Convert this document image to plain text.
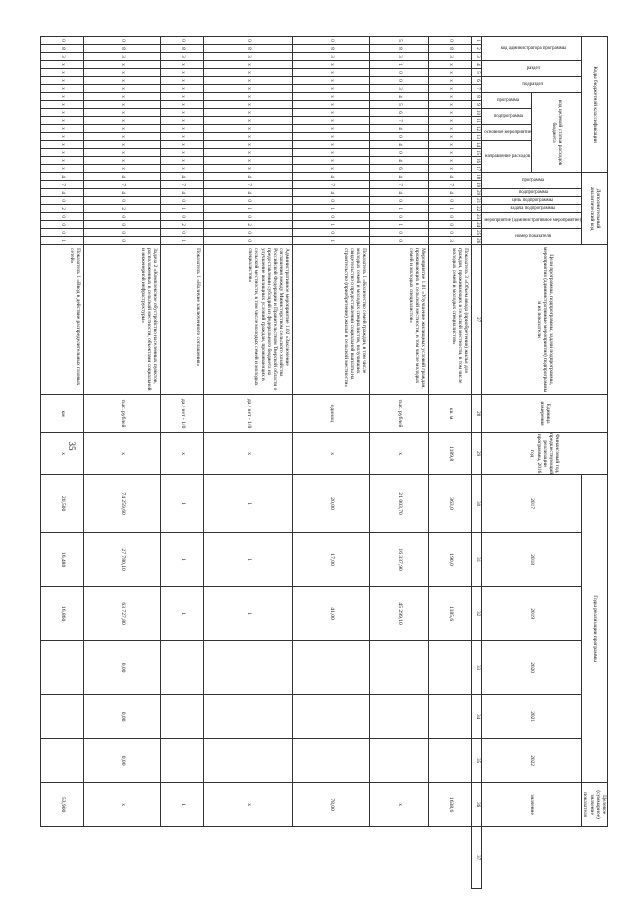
35
Коды бюджетной классификации																	Дополнительный аналитический код									Цели программы, подпрограммы, задачи подпрограммы, мероприятия (административные мероприятия) подпрограммы и их показатели	Единица измерения	Финансовый год, предшествующий реализации программы, 2016 год	Годы реализации программы						Целевое (суммарное) значение показателя	
код администратора программы			раздел		подраздел		код целевой статьи расходов бюджета										программа		подпрограмма	цель подпрограммы	задача подпрограммы	мероприятие (административное мероприятие)		номер показателя					2017	2018	2019	2020	2021	2022	значение	
							программа		подпрограмма		основное мероприятие		направление расходов																							
1	2	3	4	5	6	7	8	9	10	11	12	13	14	15	16	17	18	19	20	21	22	23	24	25	26	27	28	29	30	31	32	33	34	35	36	37
0	8	3	x	x	x	x	x	x	x	x	x	x	x	x	x	x	4	7	4	0	1	0	0	0	3	Показатель 3 «Объем ввода (приобретения) жилья для граждан, проживающих в сельской местности, в том числе молодых семей и молодых специалистов»	кв. м	1189,8	363,0	190,0	1185,6				1638,6	
5	8	3	1	0	0	3	4	5	6	7	4	0	4	0	4	6	4	7	4	0	1	0	1	0	0	Мероприятие 1.01 «Улучшение жилищных условий граждан, проживающих в сельской местности, в том числе молодых семей и молодых специалистов»	тыс. рублей	x	21 003,70	16 337,90	45 299,10				x	
0	8	3	x	x	x	x	x	x	x	x	x	x	x	x	x	x	4	7	4	0	1	0	1	0	1	Показатель 1 «Количество семей граждан, в том числе молодых семей и молодых специалистов, получивших свидетельство о предоставлении социальной выплаты на строительство (приобретение) жилья в сельской местности»	единиц	x	20,00	17,00	41,00				78,00	
0	8	3	x	x	x	x	x	x	x	x	x	x	x	x	x	x	4	7	4	0	1	0	2	0	0	Административное мероприятие 1.02 «Заключение соглашения между Министерством сельского хозяйства Российской Федерации и Правительством Тверской области о предоставлении субсидий из федерального бюджета на улучшение жилищных условий граждан, проживающих в сельской местности, в том числе молодых семей и молодых специалистов»	да / нет - 1/0	x	1	1	1				x	
0	8	3	x	x	x	x	x	x	x	x	x	x	x	x	x	x	4	7	4	0	1	0	2	0	1	Показатель 1 «Наличие заключенного соглашения»	да / нет - 1/0	x	1	1	1				1	
0	8	3	x	x	x	x	x	x	x	x	x	x	x	x	x	x	4	7	4	0	2	0	0	0	0	Задача 2 «Комплексное обустройство населенных пунктов, расположенных в сельской местности, объектами социальной и инженерной инфраструктуры»	тыс. рублей	x	74 259,60	27 780,10	63 727,80	0,00	0,00	0,00	x	
0	8	3	x	x	x	x	x	x	x	x	x	x	x	x	x	x	4	7	4	0	2	0	0	0	1	Показатель 1 «Ввод в действие распределительных газовых сетей»	км	x	20,500	16,480	16,860				53,900	
